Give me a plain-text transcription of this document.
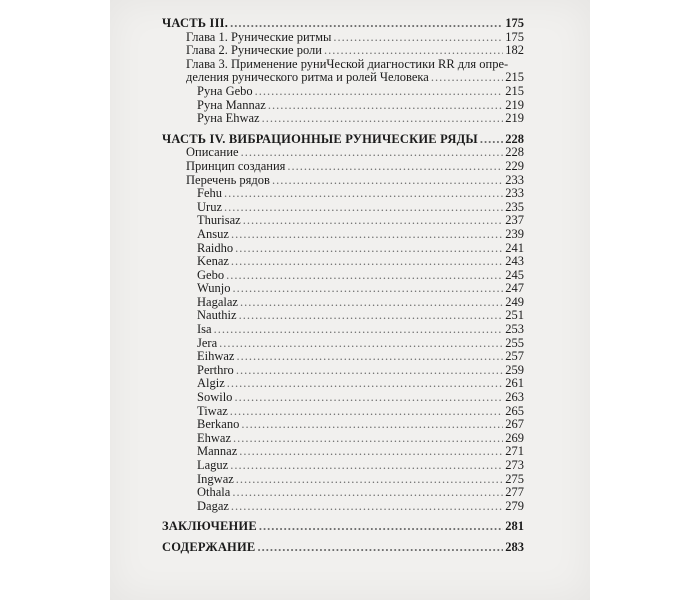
ЧАСТЬ III. .....	175
Глава 1. Рунические ритмы .....	175
Глава 2. Рунические роли .....	182
Глава 3. Применение руниЧеской диагностики RR для опре-
деления рунического ритма и ролей Человека .....	215
Руна Gebo .....	215
Руна Mannaz .....	219
Руна Ehwaz .....	219
ЧАСТЬ IV. ВИБРАЦИОННЫЕ РУНИЧЕСКИЕ РЯДЫ ..... 228
Описание .....	228
Принцип создания .....	229
Перечень рядов .....	233
Fehu .....	233
Uruz .....	235
Thurisaz .....	237
Ansuz .....	239
Raidho .....	241
Kenaz .....	243
Gebo .....	245
Wunjo .....	247
Hagalaz .....	249
Nauthiz .....	251
Isa .....	253
Jera .....	255
Eihwaz .....	257
Perthro .....	259
Algiz .....	261
Sowilo .....	263
Tiwaz .....	265
Berkano .....	267
Ehwaz .....	269
Mannaz .....	271
Laguz .....	273
Ingwaz .....	275
Othala .....	277
Dagaz .....	279
ЗАКЛЮЧЕНИЕ .....	281
СОДЕРЖАНИЕ .....	283
